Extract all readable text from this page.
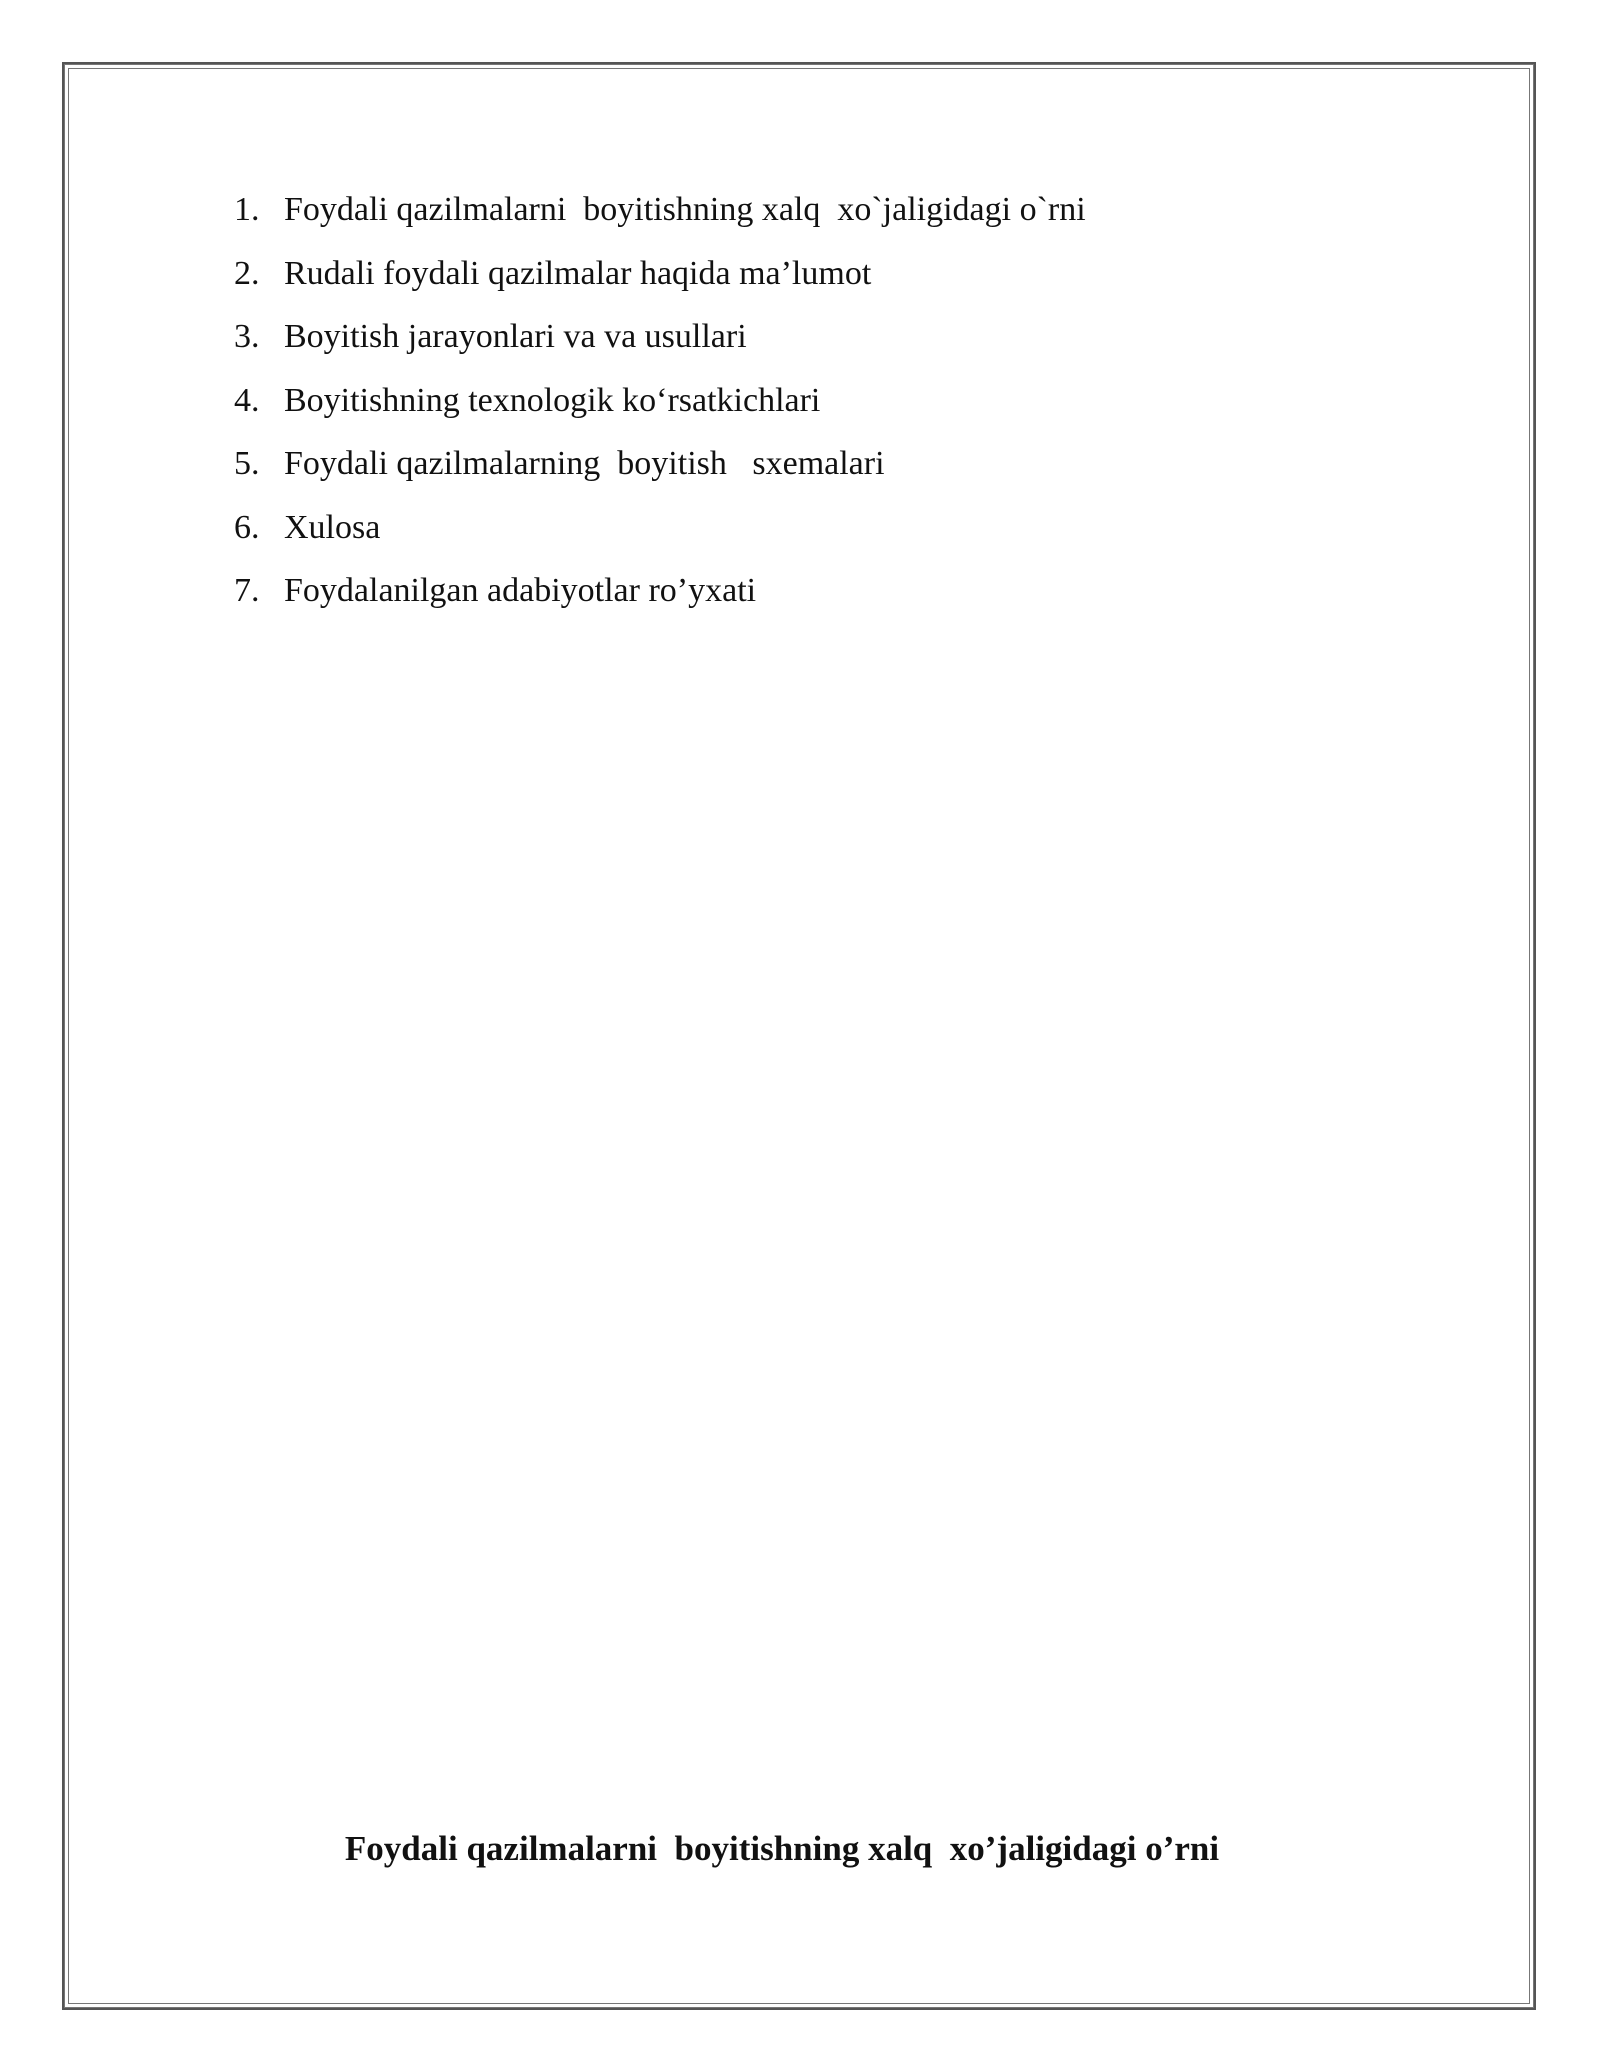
1. Foydali qazilmalarni  boyitishning xalq  xo`jaligidagi o`rni
2. Rudali foydali qazilmalar haqida ma’lumot
3. Boyitish jarayonlari va va usullari
4. Boyitishning texnologik ko‘rsatkichlari
5. Foydali qazilmalarning  boyitish   sxemalari
6. Xulosa
7. Foydalanilgan adabiyotlar ro’yxati
Foydali qazilmalarni  boyitishning xalq  xo’jaligidagi o’rni
